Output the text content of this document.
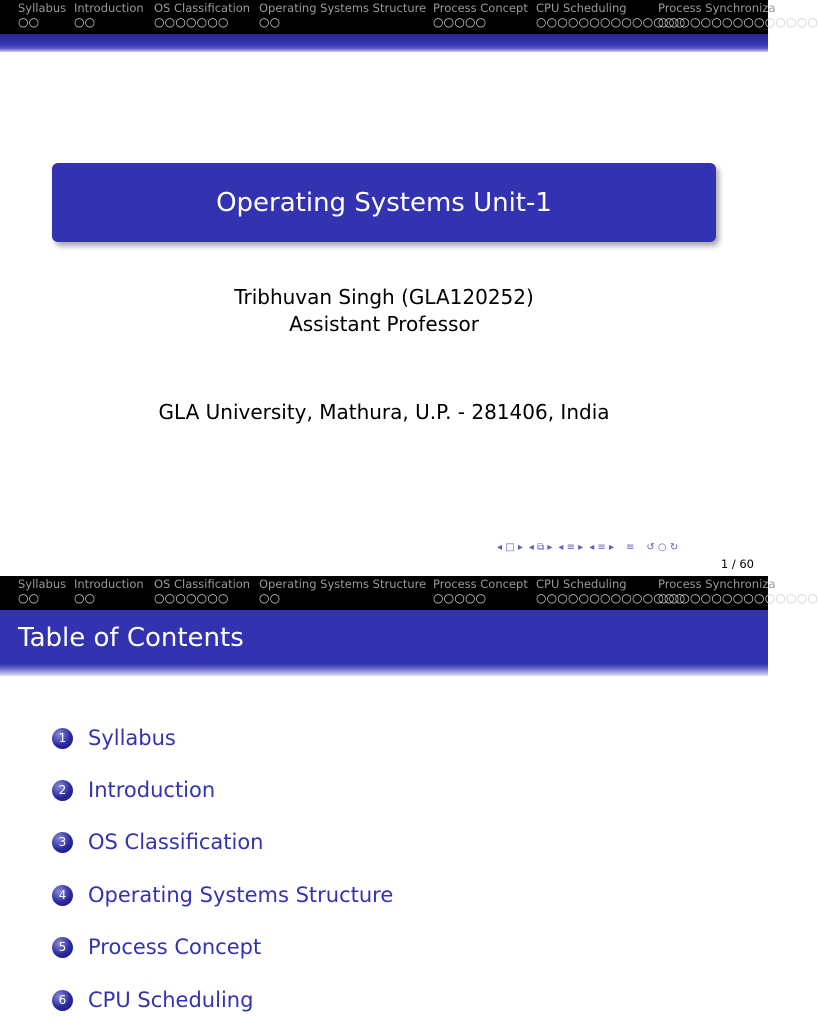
Syllabus
○○
Introduction
○○
OS Classification
○○○○○○○
Operating Systems Structure
○○
Process Concept
○○○○○
CPU Scheduling
○○○○○○○○○○○○○○
Process Synchroniza
○○○○○○○○○○○○○○○
Operating Systems Unit-1
Tribhuvan Singh (GLA120252)
Assistant Professor
GLA University, Mathura, U.P. - 281406, India
◂ □ ▸ ◂ ⧉ ▸ ◂ ≡ ▸ ◂ ≡ ▸ ≡ ↺ ○ ↻
1 / 60
Syllabus
○○
Introduction
○○
OS Classification
○○○○○○○
Operating Systems Structure
○○
Process Concept
○○○○○
CPU Scheduling
○○○○○○○○○○○○○○
Process Synchroniza
○○○○○○○○○○○○○○○
Table of Contents
1	Syllabus
2	Introduction
3	OS Classification
4	Operating Systems Structure
5	Process Concept
6	CPU Scheduling
